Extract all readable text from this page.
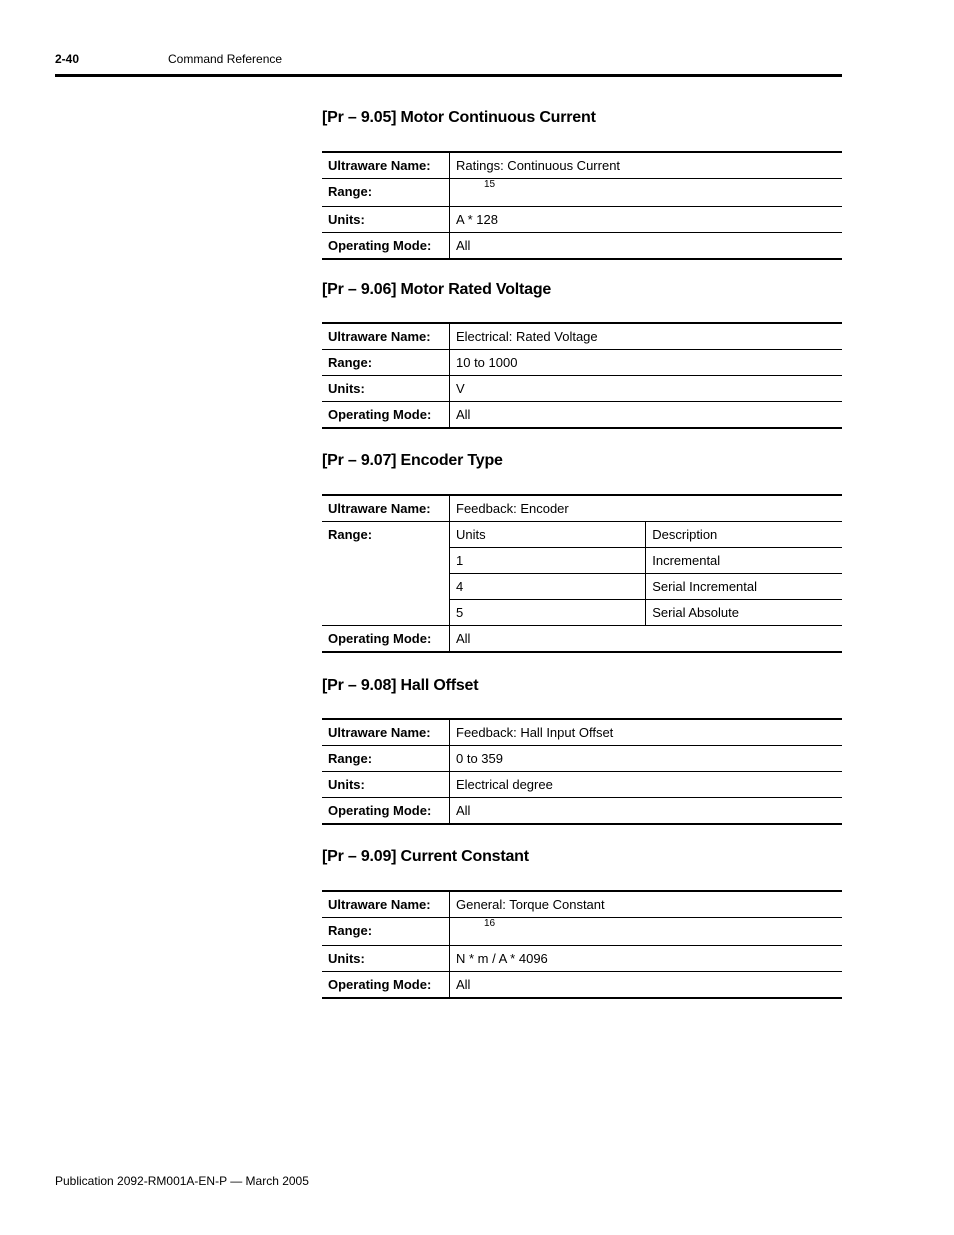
2-40	Command Reference
[Pr – 9.05] Motor Continuous Current
Ultraware Name:	Ratings: Continuous Current
Range:	$^{15}$
Units:	A * 128
Operating Mode:	All
[Pr – 9.06] Motor Rated Voltage
Ultraware Name:	Electrical: Rated Voltage
Range:	10 to 1000
Units:	V
Operating Mode:	All
[Pr – 9.07] Encoder Type
Ultraware Name:	Feedback: Encoder	
Range:	Units	Description
	1	Incremental
	4	Serial Incremental
	5	Serial Absolute
Operating Mode:	All	
[Pr – 9.08] Hall Offset
Ultraware Name:	Feedback: Hall Input Offset
Range:	0 to 359
Units:	Electrical degree
Operating Mode:	All
[Pr – 9.09] Current Constant
Ultraware Name:	General: Torque Constant
Range:	$^{16}$
Units:	N * m / A * 4096
Operating Mode:	All
Publication 2092-RM001A-EN-P — March 2005
